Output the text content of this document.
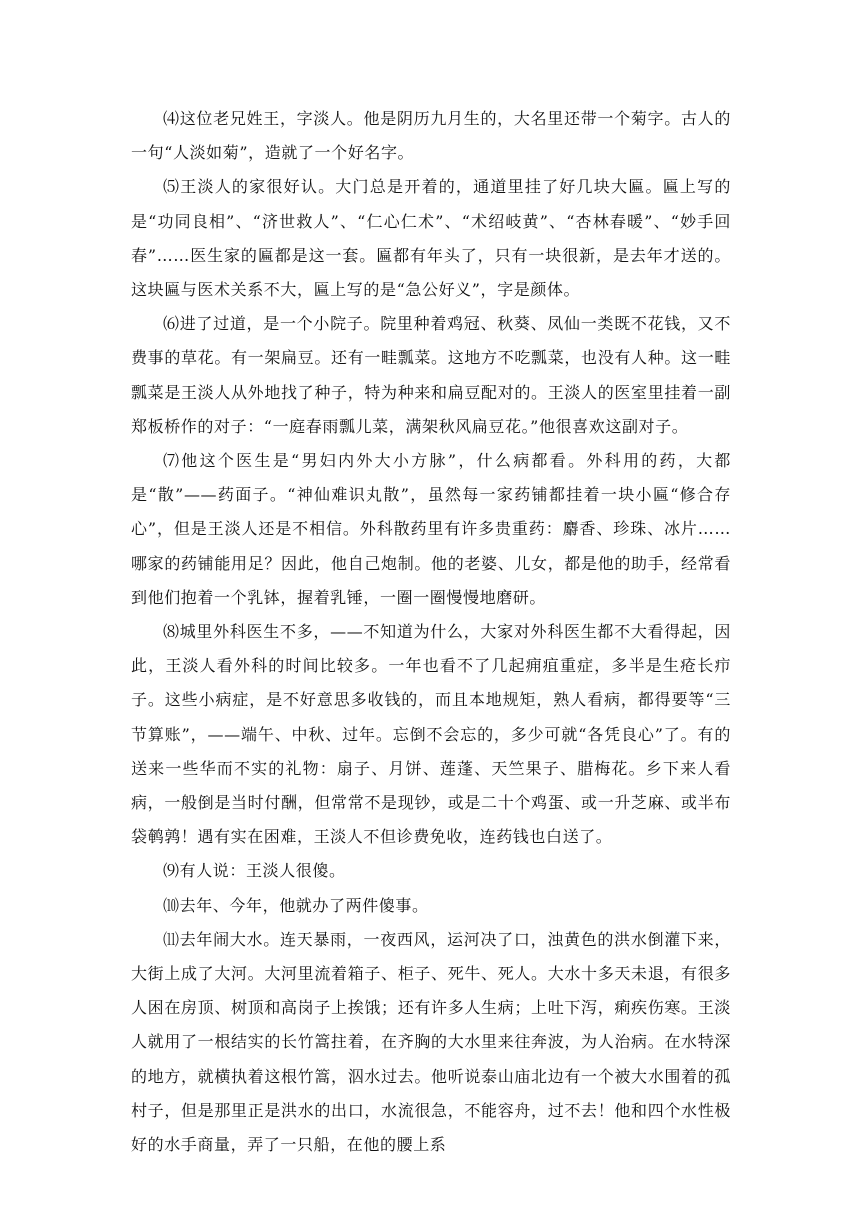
⑷这位老兄姓王，字淡人。他是阴历九月生的，大名里还带一个菊字。古人的一句“人淡如菊”，造就了一个好名字。

⑸王淡人的家很好认。大门总是开着的，通道里挂了好几块大匾。匾上写的是“功同良相”、“济世救人”、“仁心仁术”、“术绍岐黄”、“杏林春暖”、“妙手回春”……医生家的匾都是这一套。匾都有年头了，只有一块很新，是去年才送的。这块匾与医术关系不大，匾上写的是“急公好义”，字是颜体。

⑹进了过道，是一个小院子。院里种着鸡冠、秋葵、凤仙一类既不花钱，又不费事的草花。有一架扁豆。还有一畦瓢菜。这地方不吃瓢菜，也没有人种。这一畦瓢菜是王淡人从外地找了种子，特为种来和扁豆配对的。王淡人的医室里挂着一副郑板桥作的对子：“一庭春雨瓢儿菜，满架秋风扁豆花。”他很喜欢这副对子。

⑺他这个医生是“男妇内外大小方脉”，什么病都看。外科用的药，大都是“散”——药面子。“神仙难识丸散”，虽然每一家药铺都挂着一块小匾“修合存心”，但是王淡人还是不相信。外科散药里有许多贵重药：麝香、珍珠、冰片……哪家的药铺能用足？因此，他自己炮制。他的老婆、儿女，都是他的助手，经常看到他们抱着一个乳钵，握着乳锤，一圈一圈慢慢地磨研。

⑻城里外科医生不多，——不知道为什么，大家对外科医生都不大看得起，因此，王淡人看外科的时间比较多。一年也看不了几起痈疽重症，多半是生疮长疖子。这些小病症，是不好意思多收钱的，而且本地规矩，熟人看病，都得要等“三节算账”，——端午、中秋、过年。忘倒不会忘的，多少可就“各凭良心”了。有的送来一些华而不实的礼物：扇子、月饼、莲蓬、天竺果子、腊梅花。乡下来人看病，一般倒是当时付酬，但常常不是现钞，或是二十个鸡蛋、或一升芝麻、或半布袋鹌鹑！遇有实在困难，王淡人不但诊费免收，连药钱也白送了。

⑼有人说：王淡人很傻。

⑽去年、今年，他就办了两件傻事。

⑾去年闹大水。连天暴雨，一夜西风，运河决了口，浊黄色的洪水倒灌下来，大街上成了大河。大河里流着箱子、柜子、死牛、死人。大水十多天未退，有很多人困在房顶、树顶和高岗子上挨饿；还有许多人生病；上吐下泻，痢疾伤寒。王淡人就用了一根结实的长竹篙拄着，在齐胸的大水里来往奔波，为人治病。在水特深的地方，就横执着这根竹篙，泅水过去。他听说泰山庙北边有一个被大水围着的孤村子，但是那里正是洪水的出口，水流很急，不能容舟，过不去！他和四个水性极好的水手商量，弄了一只船，在他的腰上系
